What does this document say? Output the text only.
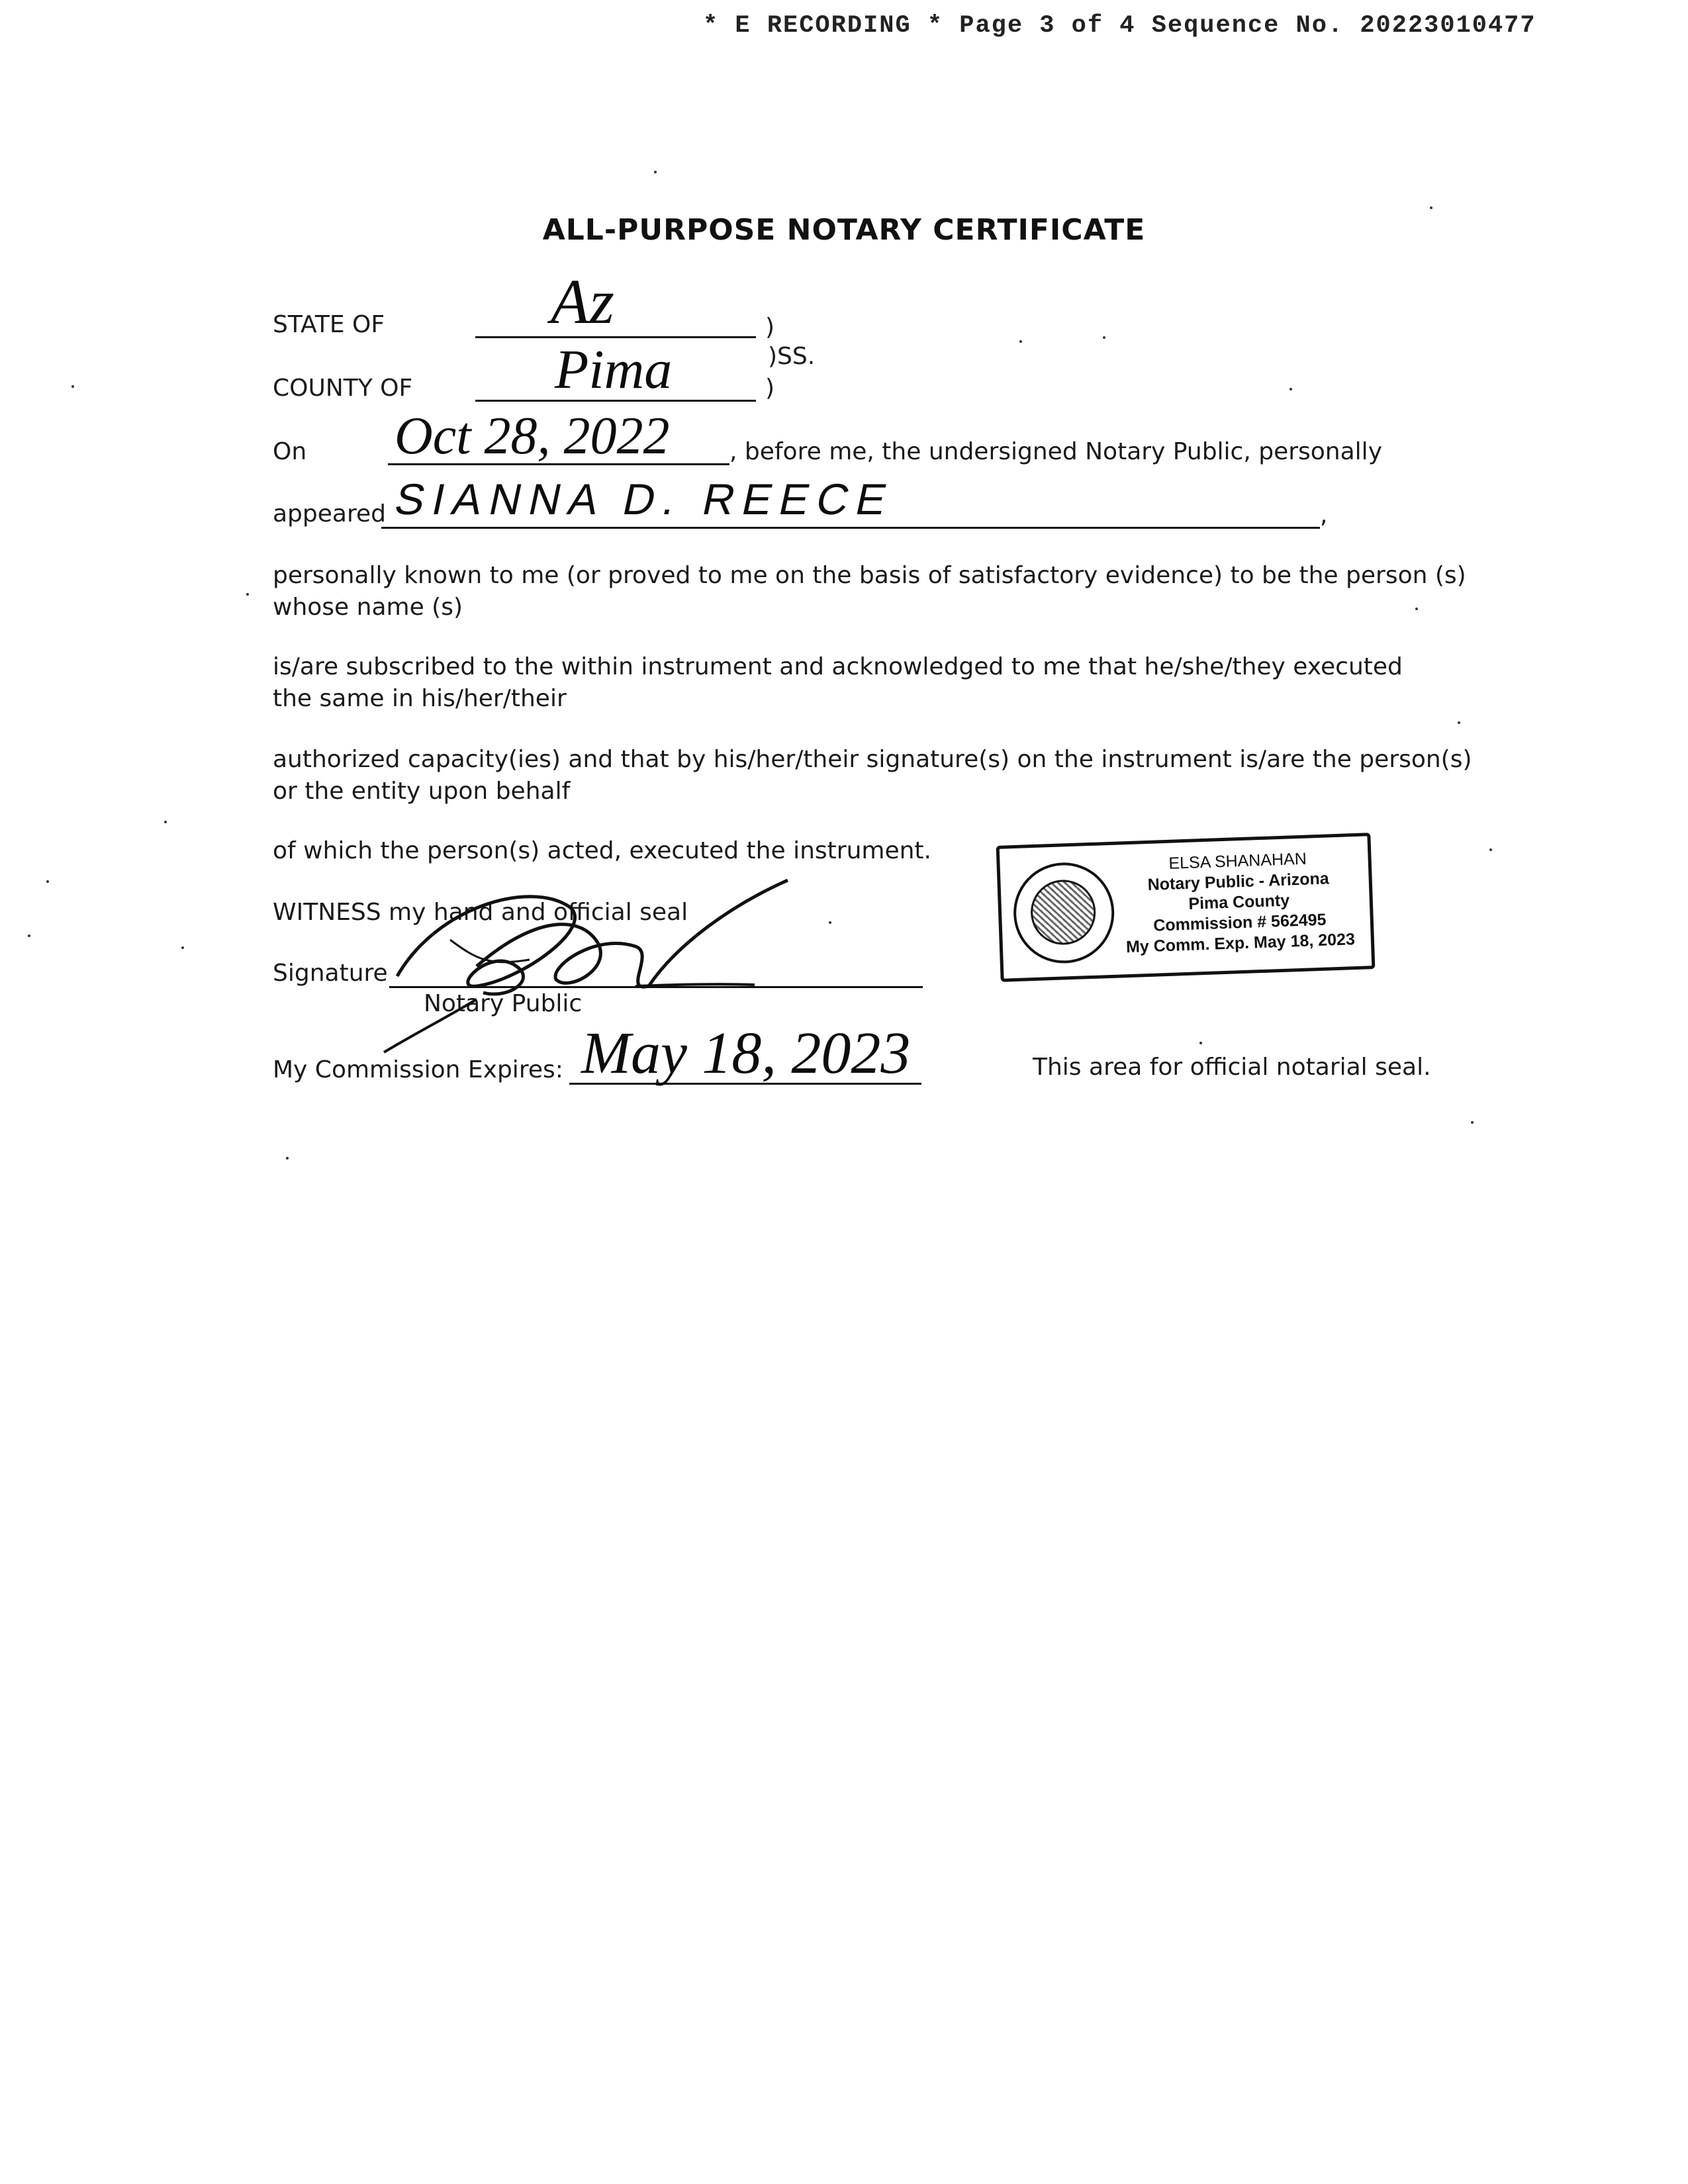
* E RECORDING * Page 3 of 4 Sequence No. 20223010477
ALL-PURPOSE NOTARY CERTIFICATE
STATE OF	Az	)
)SS.
)
COUNTY OF	Pima
On Oct 28, 2022	, before me, the undersigned Notary Public, personally
appeared SIANNA D. REECE	,
personally known to me (or proved to me on the basis of satisfactory evidence) to be the person (s) whose name (s)
is/are subscribed to the within instrument and acknowledged to me that he/she/they executed the same in his/her/their
authorized capacity(ies) and that by his/her/their signature(s) on the instrument is/are the person(s) or the entity upon behalf
of which the person(s) acted, executed the instrument.
WITNESS my hand and official seal
Signature
Notary Public
My Commission Expires: May 18, 2023	This area for official notarial seal.
ELSA SHANAHAN
Notary Public - Arizona
Pima County
Commission # 562495
My Comm. Exp. May 18, 2023
